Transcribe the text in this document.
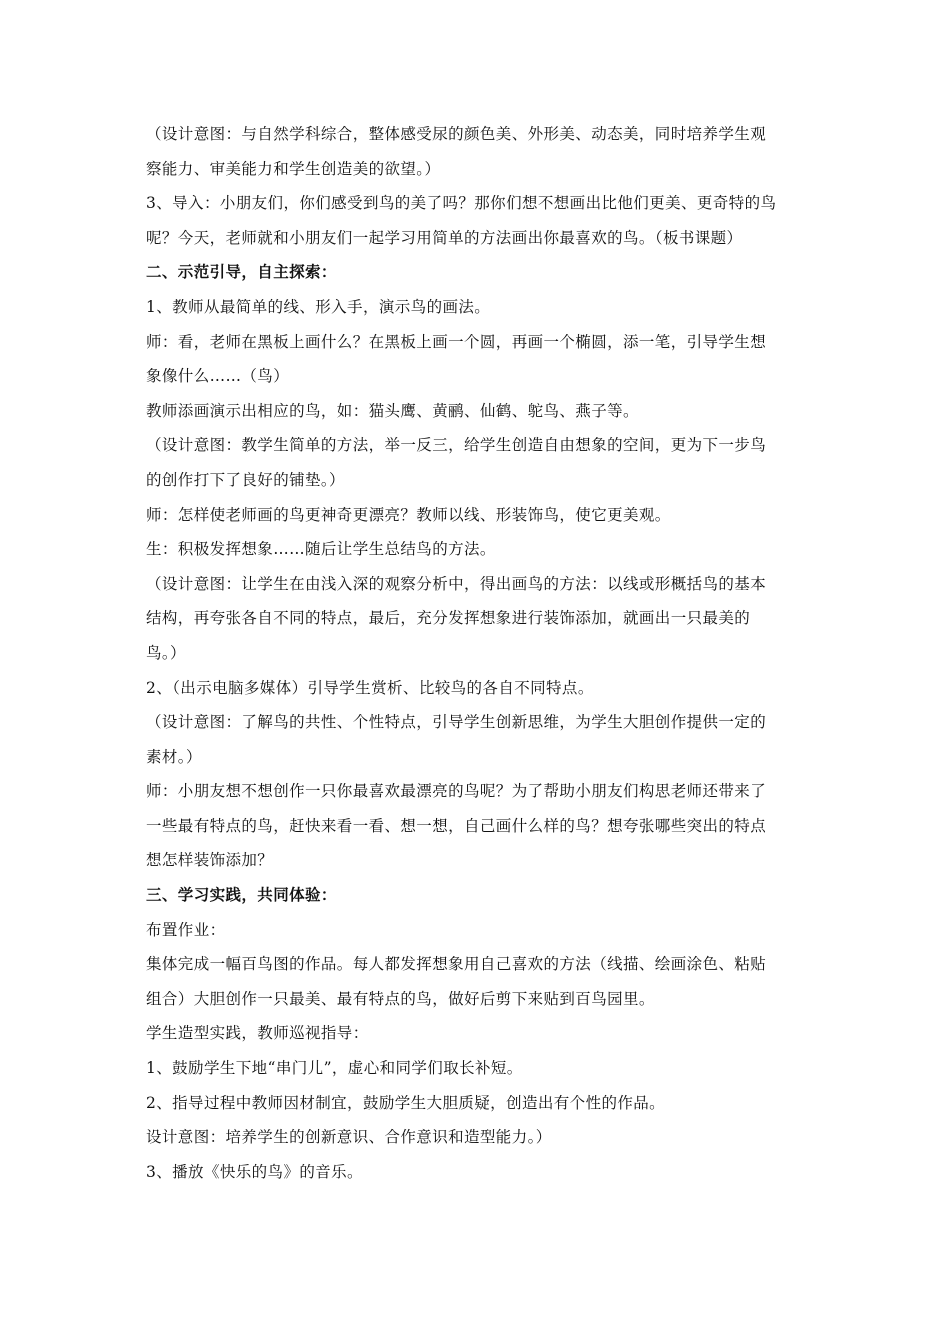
（设计意图：与自然学科综合，整体感受尿的颜色美、外形美、动态美，同时培养学生观
察能力、审美能力和学生创造美的欲望。）
3、导入：小朋友们，你们感受到鸟的美了吗？那你们想不想画出比他们更美、更奇特的鸟
呢？今天，老师就和小朋友们一起学习用简单的方法画出你最喜欢的鸟。（板书课题）
二、示范引导，自主探索：
1、教师从最简单的线、形入手，演示鸟的画法。
师：看，老师在黑板上画什么？在黑板上画一个圆，再画一个椭圆，添一笔，引导学生想
象像什么……（鸟）
教师添画演示出相应的鸟，如：猫头鹰、黄鹂、仙鹤、鸵鸟、燕子等。
（设计意图：教学生简单的方法，举一反三，给学生创造自由想象的空间，更为下一步鸟
的创作打下了良好的铺垫。）
师：怎样使老师画的鸟更神奇更漂亮？教师以线、形装饰鸟，使它更美观。
生：积极发挥想象……随后让学生总结鸟的方法。
（设计意图：让学生在由浅入深的观察分析中，得出画鸟的方法：以线或形概括鸟的基本
结构，再夸张各自不同的特点，最后，充分发挥想象进行装饰添加，就画出一只最美的
鸟。）
2、（出示电脑多媒体）引导学生赏析、比较鸟的各自不同特点。
（设计意图：了解鸟的共性、个性特点，引导学生创新思维，为学生大胆创作提供一定的
素材。）
师：小朋友想不想创作一只你最喜欢最漂亮的鸟呢？为了帮助小朋友们构思老师还带来了
一些最有特点的鸟，赶快来看一看、想一想，自己画什么样的鸟？想夸张哪些突出的特点
想怎样装饰添加？
三、学习实践，共同体验：
布置作业：
集体完成一幅百鸟图的作品。每人都发挥想象用自己喜欢的方法（线描、绘画涂色、粘贴
组合）大胆创作一只最美、最有特点的鸟，做好后剪下来贴到百鸟园里。
学生造型实践，教师巡视指导：
1、鼓励学生下地“串门儿”，虚心和同学们取长补短。
2、指导过程中教师因材制宜，鼓励学生大胆质疑，创造出有个性的作品。
设计意图：培养学生的创新意识、合作意识和造型能力。）
3、播放《快乐的鸟》的音乐。
